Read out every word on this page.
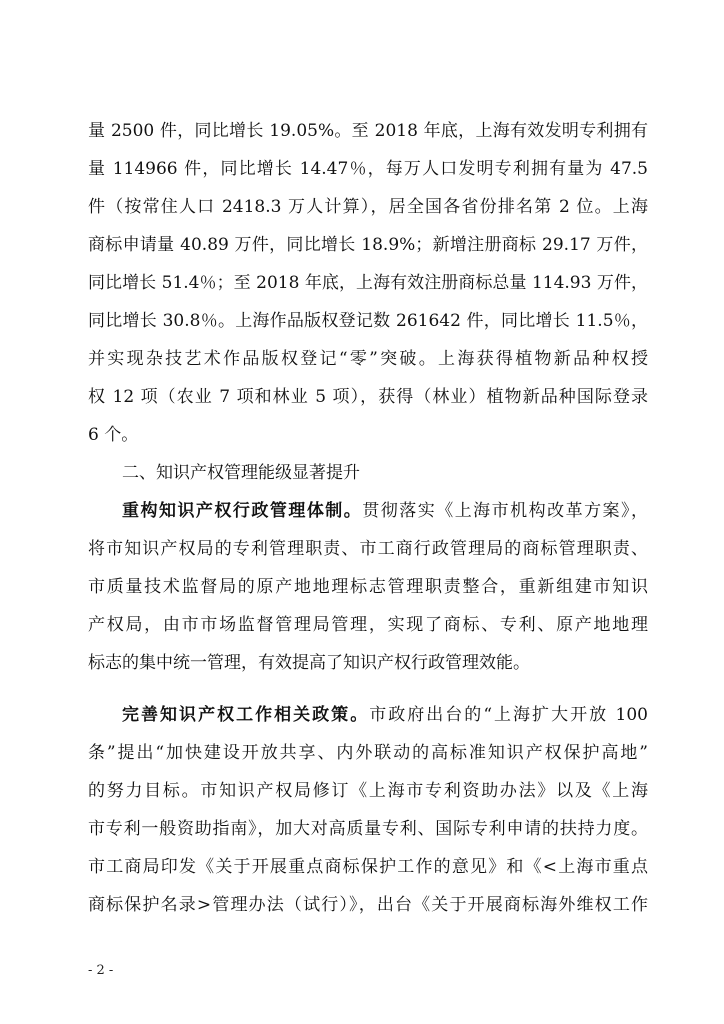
量 2500 件，同比增长 19.05%。至 2018 年底，上海有效发明专利拥有
量 114966 件，同比增长 14.47％，每万人口发明专利拥有量为 47.5
件（按常住人口 2418.3 万人计算），居全国各省份排名第 2 位。上海
商标申请量 40.89 万件，同比增长 18.9%；新增注册商标 29.17 万件，
同比增长 51.4％；至 2018 年底，上海有效注册商标总量 114.93 万件，
同比增长 30.8％。上海作品版权登记数 261642 件，同比增长 11.5％，
并实现杂技艺术作品版权登记“零”突破。上海获得植物新品种权授
权 12 项（农业 7 项和林业 5 项），获得（林业）植物新品种国际登录
6 个。
二、知识产权管理能级显著提升
重构知识产权行政管理体制。贯彻落实《上海市机构改革方案》，
将市知识产权局的专利管理职责、市工商行政管理局的商标管理职责、
市质量技术监督局的原产地地理标志管理职责整合，重新组建市知识
产权局，由市市场监督管理局管理，实现了商标、专利、原产地地理
标志的集中统一管理，有效提高了知识产权行政管理效能。
完善知识产权工作相关政策。市政府出台的“上海扩大开放 100
条”提出“加快建设开放共享、内外联动的高标准知识产权保护高地”
的努力目标。市知识产权局修订《上海市专利资助办法》以及《上海
市专利一般资助指南》，加大对高质量专利、国际专利申请的扶持力度。
市工商局印发《关于开展重点商标保护工作的意见》和《<上海市重点
商标保护名录>管理办法（试行）》，出台《关于开展商标海外维权工作
- 2 -
